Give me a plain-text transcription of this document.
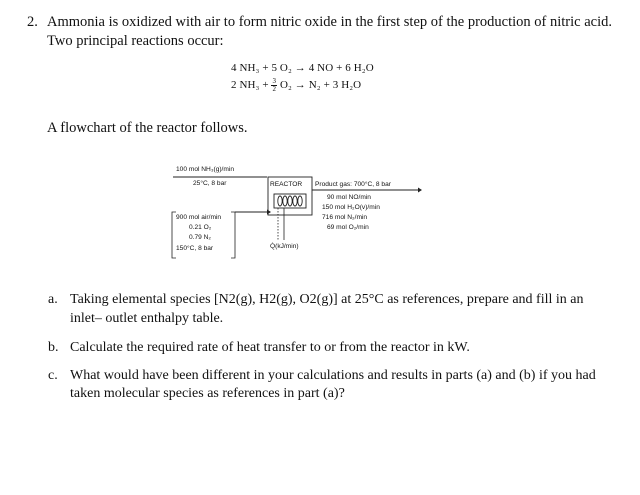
2. Ammonia is oxidized with air to form nitric oxide in the first step of the production of nitric acid.
Two principal reactions occur:
4 NH₃ + 5 O₂ → 4 NO + 6 H₂O
2 $NH_3 + \frac{3}{2} O_2 \to N_2 + 3$ H₂O
A flowchart of the reactor follows.
100 mol NH₃(g)/min
25°C, 8 bar
900 mol air/min
0.21 O₂
0.79 N₂
150°C, 8 bar
REACTOR
Q̇(kJ/min)
Product gas: 700°C, 8 bar
90 mol NO/min
150 mol H₂O(v)/min
716 mol N₂/min
69 mol O₂/min
a. Taking elemental species [N2(g), H2(g), O2(g)] at 25°C as references, prepare and fill in an
inlet– outlet enthalpy table.
b. Calculate the required rate of heat transfer to or from the reactor in kW.
c. What would have been different in your calculations and results in parts (a) and (b) if you had
taken molecular species as references in part (a)?
